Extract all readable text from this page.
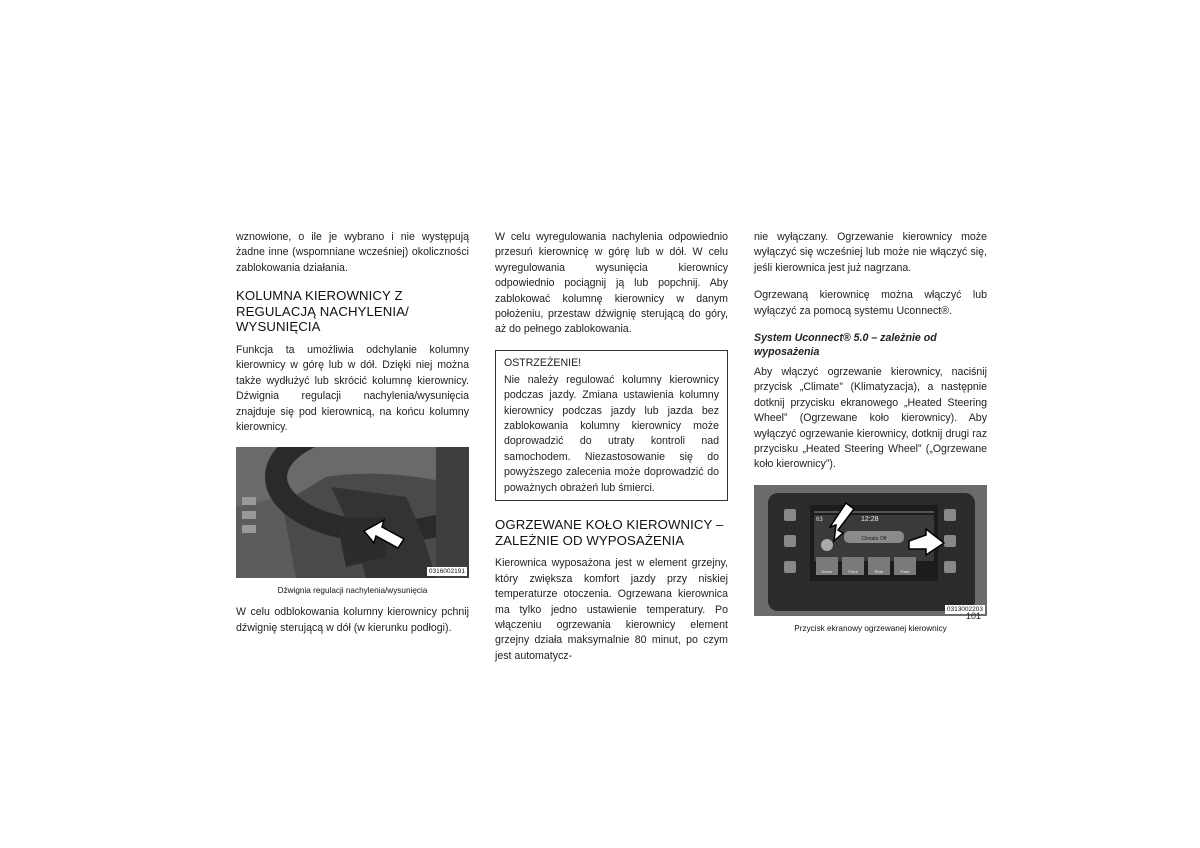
wznowione, o ile je wybrano i nie występują żadne inne (wspomniane wcześniej) okoliczności zablokowania działania.

KOLUMNA KIEROWNICY Z REGULACJĄ NACHYLENIA/ WYSUNIĘCIA

Funkcja ta umożliwia odchylanie kolumny kierownicy w górę lub w dół. Dzięki niej można także wydłużyć lub skrócić kolumnę kierownicy. Dźwignia regulacji nachylenia/wysunięcia znajduje się pod kierownicą, na końcu kolumny kierownicy.

0316002191
Dźwignia regulacji nachylenia/wysunięcia

W celu odblokowania kolumny kierownicy pchnij dźwignię sterującą w dół (w kierunku podłogi).

W celu wyregulowania nachylenia odpowiednio przesuń kierownicę w górę lub w dół. W celu wyregulowania wysunięcia kierownicy odpowiednio pociągnij ją lub popchnij. Aby zablokować kolumnę kierownicy w danym położeniu, przestaw dźwignię sterującą do góry, aż do pełnego zablokowania.

OSTRZEŻENIE!

Nie należy regulować kolumny kierownicy podczas jazdy. Zmiana ustawienia kolumny kierownicy podczas jazdy lub jazda bez zablokowania kolumny kierownicy może doprowadzić do utraty kontroli nad samochodem. Niezastosowanie się do powyższego zalecenia może doprowadzić do poważnych obrażeń lub śmierci.

OGRZEWANE KOŁO KIEROWNICY – ZALEŻNIE OD WYPOSAŻENIA

Kierownica wyposażona jest w element grzejny, który zwiększa komfort jazdy przy niskiej temperaturze otoczenia. Ogrzewana kierownica ma tylko jedno ustawienie temperatury. Po włączeniu ogrzewania kierownicy element grzejny działa maksymalnie 80 minut, po czym jest automatycz-

nie wyłączany. Ogrzewanie kierownicy może wyłączyć się wcześniej lub może nie włączyć się, jeśli kierownica jest już nagrzana.

Ogrzewaną kierownicę można włączyć lub wyłączyć za pomocą systemu Uconnect®.

System Uconnect® 5.0 – zależnie od wyposażenia

Aby włączyć ogrzewanie kierownicy, naciśnij przycisk „Climate” (Klimatyzacja), a następnie dotknij przycisku ekranowego „Heated Steering Wheel” (Ogrzewane koło kierownicy). Aby wyłączyć ogrzewanie kierownicy, dotknij drugi raz przycisku „Heated Steering Wheel” („Ogrzewane koło kierownicy”).

63	12:28
Climate Off
Driver	Front	Rear	Pass
0313002203
Przycisk ekranowy ogrzewanej kierownicy
101
